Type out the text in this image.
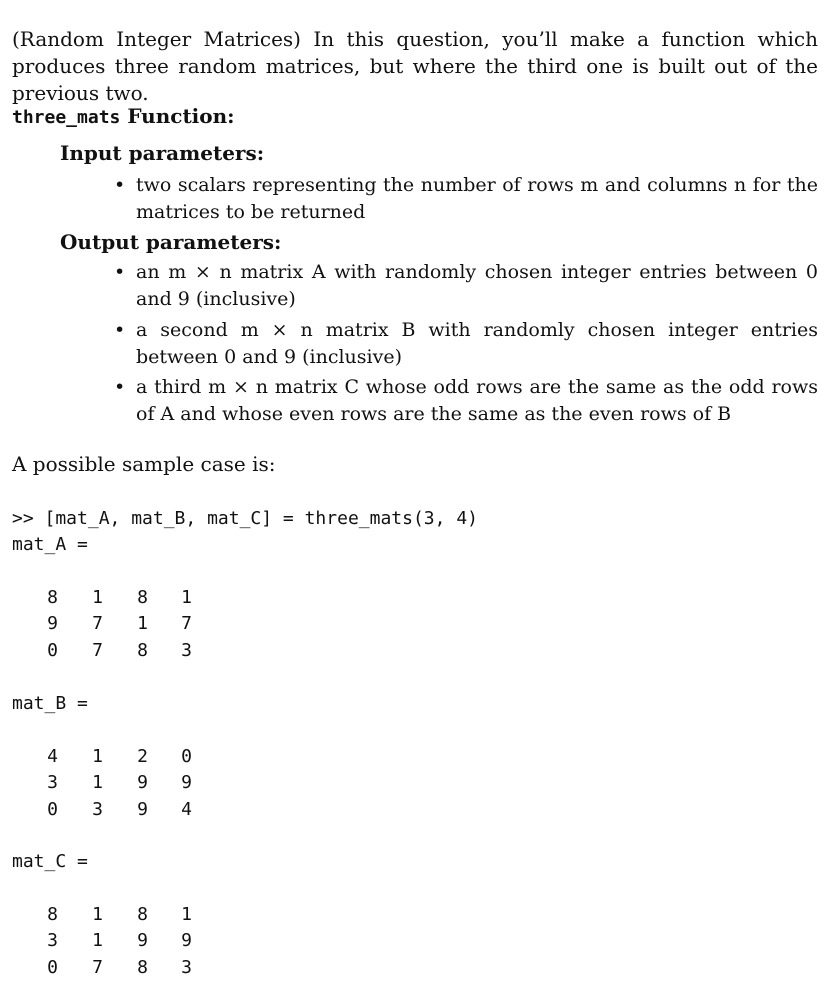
(Random Integer Matrices) In this question, you’ll make a function which produces three random matrices, but where the third one is built out of the previous two.
three_mats Function:
Input parameters:
• two scalars representing the number of rows m and columns n for the matrices to be returned
Output parameters:
• an m × n matrix A with randomly chosen integer entries between 0 and 9 (inclusive)
• a second m × n matrix B with randomly chosen integer entries between 0 and 9 (inclusive)
• a third m × n matrix C whose odd rows are the same as the odd rows of A and whose even rows are the same as the even rows of B
A possible sample case is:
>> [mat_A, mat_B, mat_C] = three_mats(3, 4)
mat_A =
8	1	8	1
9	7	1	7
0	7	8	3
mat_B =
4	1	2	0
3	1	9	9
0	3	9	4
mat_C =
8	1	8	1
3	1	9	9
0	7	8	3
